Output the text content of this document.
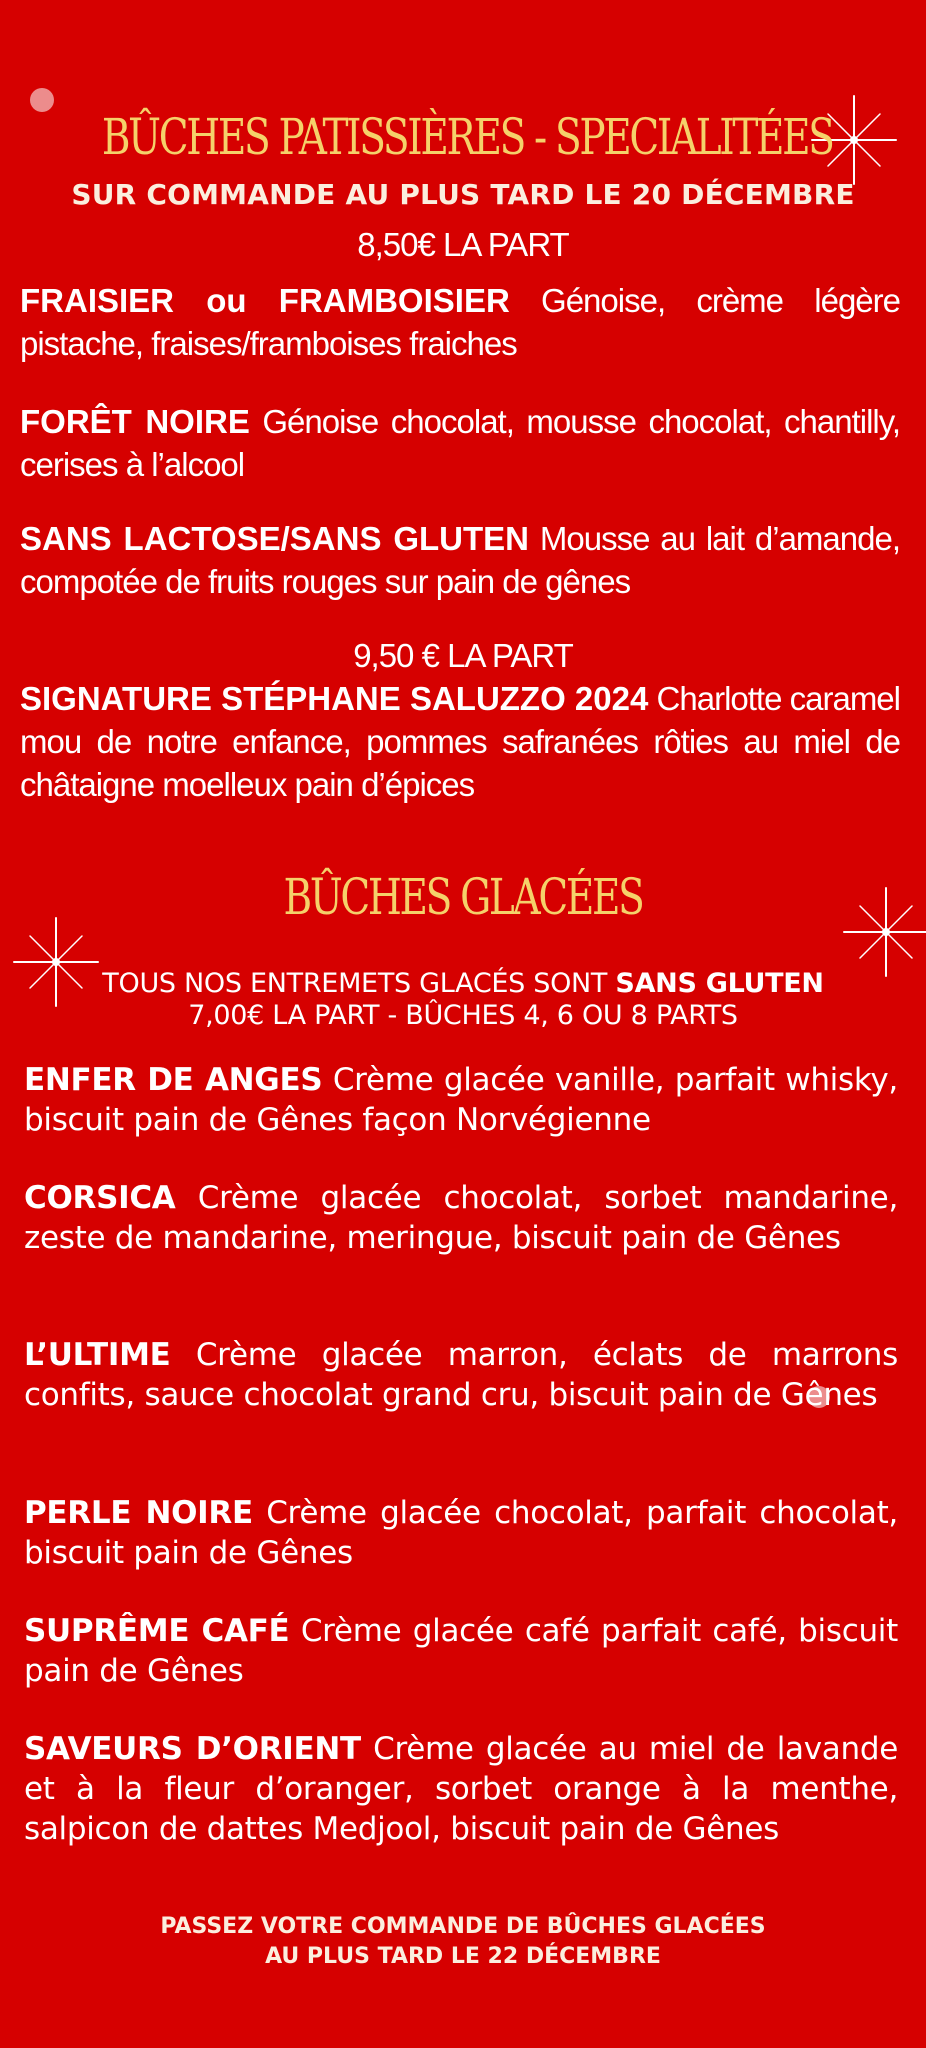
BÛCHES PATISSIÈRES - SPECIALITÉES
SUR COMMANDE AU PLUS TARD LE 20 DÉCEMBRE
8,50€ LA PART
FRAISIER ou FRAMBOISIER Génoise, crème légère pistache, fraises/framboises fraiches
FORÊT NOIRE Génoise chocolat, mousse chocolat, chantilly, cerises à l’alcool
SANS LACTOSE/SANS GLUTEN Mousse au lait d’amande, compotée de fruits rouges sur pain de gênes
9,50 € LA PART
SIGNATURE STÉPHANE SALUZZO 2024 Charlotte caramel mou de notre enfance, pommes safranées rôties au miel de châtaigne moelleux pain d’épices
BÛCHES GLACÉES
TOUS NOS ENTREMETS GLACÉS SONT SANS GLUTEN
7,00€ LA PART - BÛCHES 4, 6 OU 8 PARTS
ENFER DE ANGES Crème glacée vanille, parfait whisky, biscuit pain de Gênes façon Norvégienne
CORSICA Crème glacée chocolat, sorbet mandarine, zeste de mandarine, meringue, biscuit pain de Gênes
L’ULTIME Crème glacée marron, éclats de marrons confits, sauce chocolat grand cru, biscuit pain de Gênes
PERLE NOIRE Crème glacée chocolat, parfait chocolat, biscuit pain de Gênes
SUPRÊME CAFÉ Crème glacée café parfait café, biscuit pain de Gênes
SAVEURS D’ORIENT Crème glacée au miel de lavande et à la fleur d’oranger, sorbet orange à la menthe, salpicon de dattes Medjool, biscuit pain de Gênes
PASSEZ VOTRE COMMANDE DE BÛCHES GLACÉES
AU PLUS TARD LE 22 DÉCEMBRE
